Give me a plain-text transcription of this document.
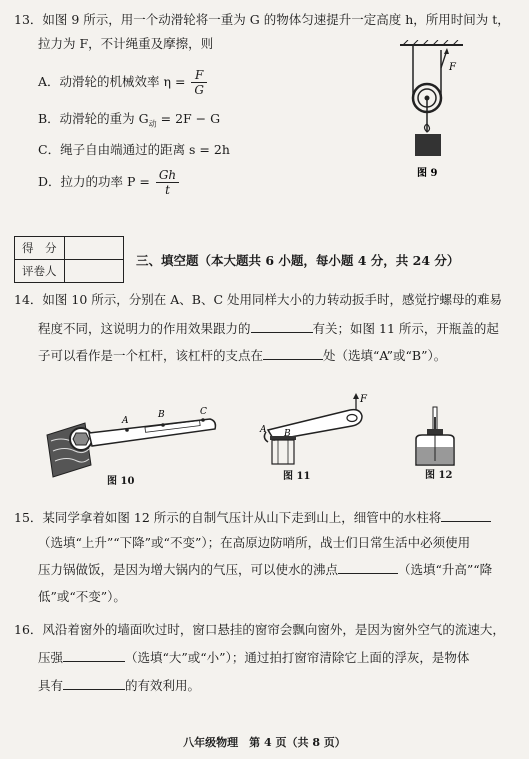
13．如图 9 所示，用一个动滑轮将一重为 G 的物体匀速提升一定高度 h，所用时间为 t，
拉力为 F，不计绳重及摩擦，则
A．动滑轮的机械效率 $\eta = \frac{F}{G}$
B．动滑轮的重为 $G_动 = 2F - G$
C．绳子自由端通过的距离 s = 2h
D．拉力的功率 $P = \frac{Gh}{t}$
F
图 9
得　分	
评卷人	
三、填空题（本大题共 6 小题，每小题 4 分，共 24 分）
14．如图 10 所示，分别在 A、B、C 处用同样大小的力转动扳手时，感觉拧螺母的难易
程度不同，这说明力的作用效果跟力的	有关；如图 11 所示，开瓶盖的起
子可以看作是一个杠杆，该杠杆的支点在	处（选填“A”或“B”）。
A
B	C
图 10
F
A B
图 11	图 12
15．某同学拿着如图 12 所示的自制气压计从山下走到山上，细管中的水柱将
（选填“上升”“下降”或“不变”）；在高原边防哨所，战士们日常生活中必须使用
压力锅做饭，是因为增大锅内的气压，可以使水的沸点	（选填“升高”“降
低”或“不变”）。
16．风沿着窗外的墙面吹过时，窗口悬挂的窗帘会飘向窗外，是因为窗外空气的流速大，
压强	（选填“大”或“小”）；通过拍打窗帘清除它上面的浮灰，是物体
具有	的有效利用。
八年级物理　第 4 页（共 8 页）
